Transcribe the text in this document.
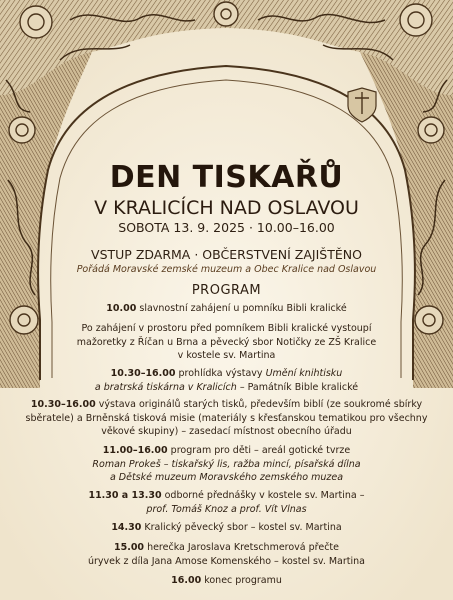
DEN TISKAŘŮ
V KRALICÍCH NAD OSLAVOU
SOBOTA 13. 9. 2025 · 10.00–16.00
VSTUP ZDARMA · OBČERSTVENÍ ZAJIŠTĚNO
Pořádá Moravské zemské muzeum a Obec Kralice nad Oslavou
PROGRAM
10.00 slavnostní zahájení u pomníku Bibli kralické
Po zahájení v prostoru před pomníkem Bibli kralické vystoupí
mažoretky z Říčan u Brna a pěvecký sbor Notičky ze ZŠ Kralice
v kostele sv. Martina
10.30–16.00 prohlídka výstavy Umění knihtisku
a bratrská tiskárna v Kralicích – Památník Bible kralické
10.30–16.00 výstava originálů starých tisků, především biblí (ze soukromé sbírky
sběratele) a Brněnská tisková misie (materiály s křesťanskou tematikou pro všechny
věkové skupiny) – zasedací místnost obecního úřadu
11.00–16.00 program pro děti – areál gotické tvrze
Roman Prokeš – tiskařský lis, ražba mincí, písařská dílna
a Dětské muzeum Moravského zemského muzea
11.30 a 13.30 odborné přednášky v kostele sv. Martina –
prof. Tomáš Knoz a prof. Vít Vlnas
14.30 Kralický pěvecký sbor – kostel sv. Martina
15.00 herečka Jaroslava Kretschmerová přečte
úryvek z díla Jana Amose Komenského – kostel sv. Martina
16.00 konec programu
